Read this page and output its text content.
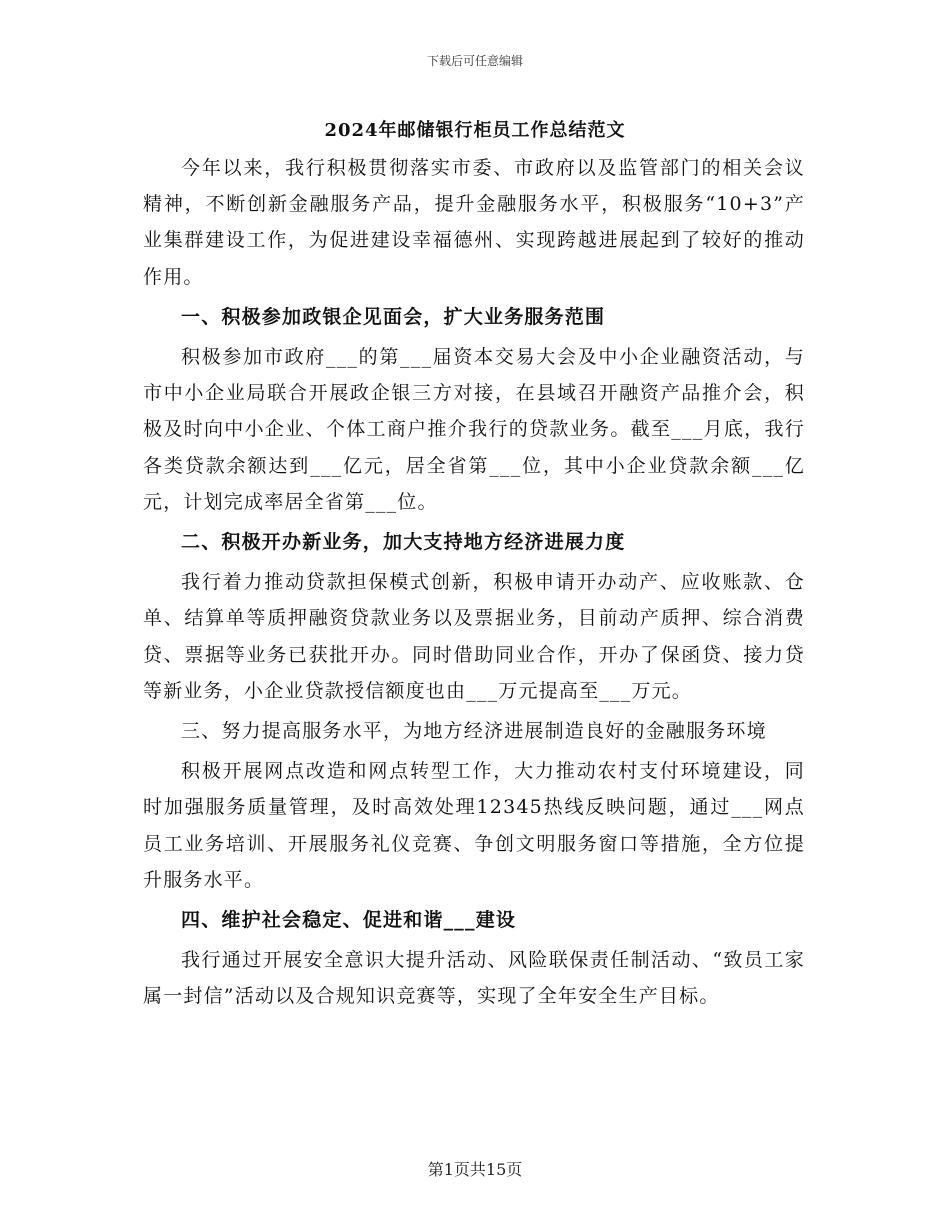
下载后可任意编辑
2024年邮储银行柜员工作总结范文

今年以来，我行积极贯彻落实市委、市政府以及监管部门的相关会议精神，不断创新金融服务产品，提升金融服务水平，积极服务“10+3”产业集群建设工作，为促进建设幸福德州、实现跨越进展起到了较好的推动作用。

一、积极参加政银企见面会，扩大业务服务范围

积极参加市政府___的第___届资本交易大会及中小企业融资活动，与市中小企业局联合开展政企银三方对接，在县域召开融资产品推介会，积极及时向中小企业、个体工商户推介我行的贷款业务。截至___月底，我行各类贷款余额达到___亿元，居全省第___位，其中小企业贷款余额___亿元，计划完成率居全省第___位。

二、积极开办新业务，加大支持地方经济进展力度

我行着力推动贷款担保模式创新，积极申请开办动产、应收账款、仓单、结算单等质押融资贷款业务以及票据业务，目前动产质押、综合消费贷、票据等业务已获批开办。同时借助同业合作，开办了保函贷、接力贷等新业务，小企业贷款授信额度也由___万元提高至___万元。

三、努力提高服务水平，为地方经济进展制造良好的金融服务环境

积极开展网点改造和网点转型工作，大力推动农村支付环境建设，同时加强服务质量管理，及时高效处理12345热线反映问题，通过___网点员工业务培训、开展服务礼仪竞赛、争创文明服务窗口等措施，全方位提升服务水平。

四、维护社会稳定、促进和谐___建设

我行通过开展安全意识大提升活动、风险联保责任制活动、“致员工家属一封信”活动以及合规知识竞赛等，实现了全年安全生产目标。

第1页共15页
